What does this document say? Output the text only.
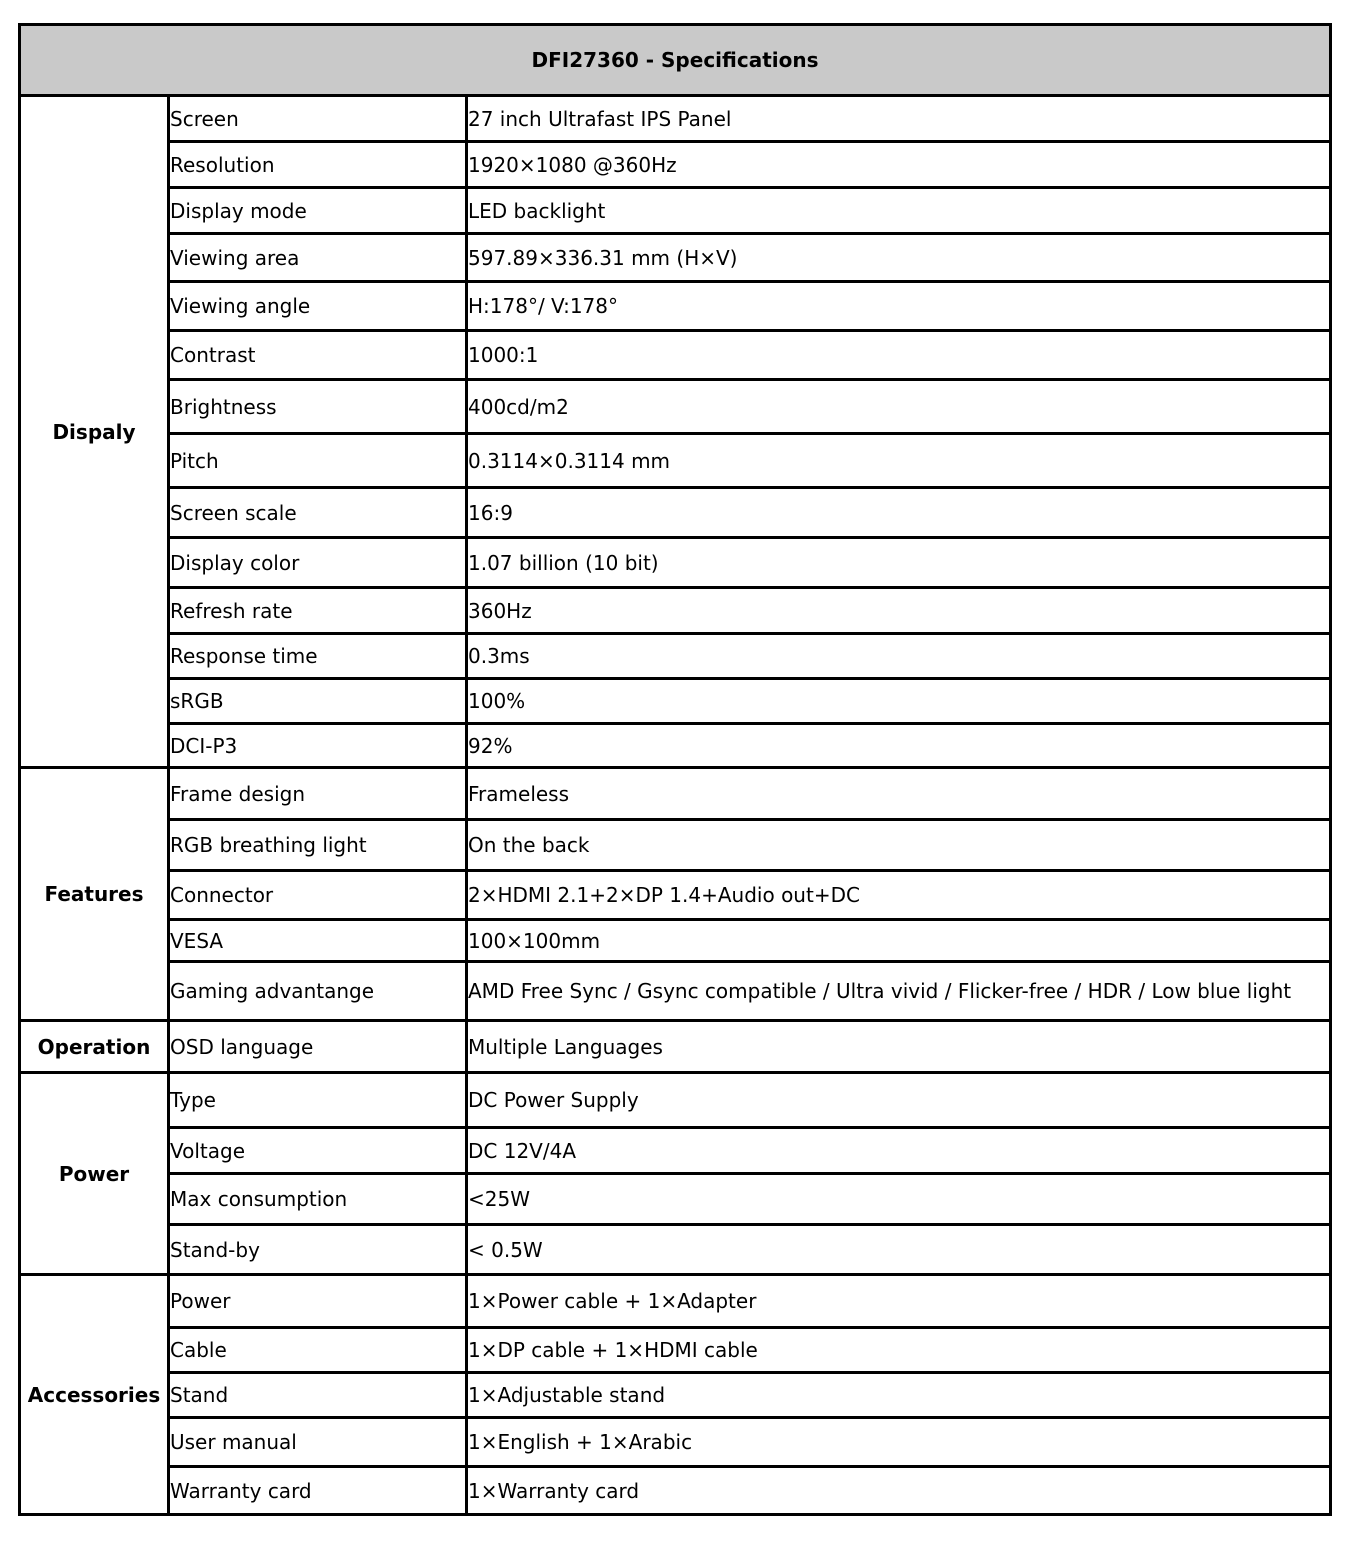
DFI27360 - Specifications		
Dispaly	Screen	27 inch Ultrafast IPS Panel
	Resolution	1920×1080 @360Hz
	Display mode	LED backlight
	Viewing area	597.89×336.31 mm (H×V)
	Viewing angle	H:178°/ V:178°
	Contrast	1000:1
	Brightness	400cd/m2
	Pitch	0.3114×0.3114 mm
	Screen scale	16:9
	Display color	1.07 billion (10 bit)
	Refresh rate	360Hz
	Response time	0.3ms
	sRGB	100%
	DCI-P3	92%
Features	Frame design	Frameless
	RGB breathing light	On the back
	Connector	2×HDMI 2.1+2×DP 1.4+Audio out+DC
	VESA	100×100mm
	Gaming advantange	AMD Free Sync / Gsync compatible / Ultra vivid / Flicker-free / HDR / Low blue light
Operation	OSD language	Multiple Languages
Power	Type	DC Power Supply
	Voltage	DC 12V/4A
	Max consumption	<25W
	Stand-by	< 0.5W
Accessories	Power	1×Power cable + 1×Adapter
	Cable	1×DP cable + 1×HDMI cable
	Stand	1×Adjustable stand
	User manual	1×English + 1×Arabic
	Warranty card	1×Warranty card
